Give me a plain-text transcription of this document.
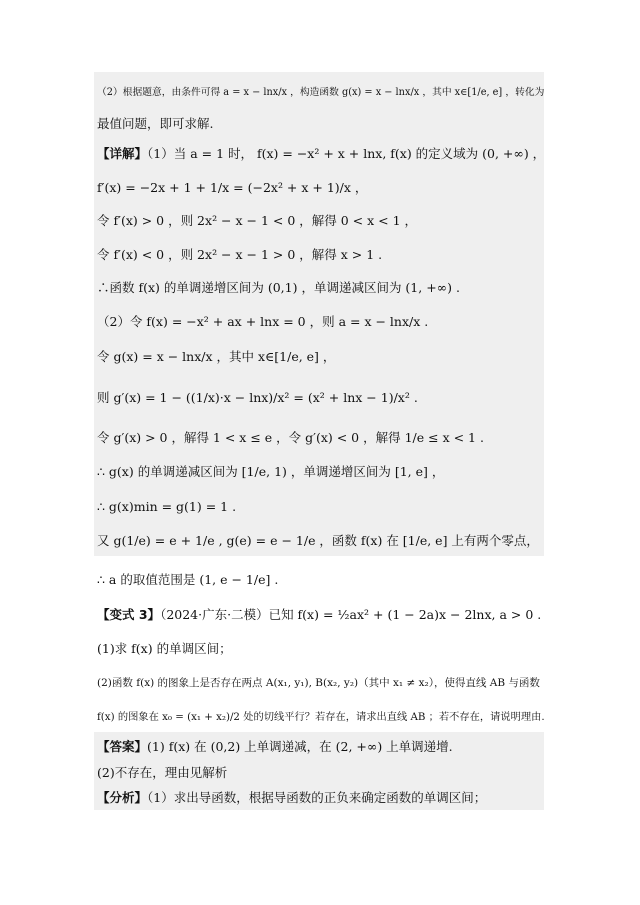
（2）根据题意，由条件可得 a = x − lnx/x ，构造函数 g(x) = x − lnx/x ，其中 x∈[1/e, e] ，转化为
最值问题，即可求解.
【详解】（1）当 a = 1 时， f(x) = −x² + x + lnx, f(x) 的定义域为 (0, +∞) ，
f′(x) = −2x + 1 + 1/x = (−2x² + x + 1)/x ，
令 f′(x) > 0 ，则 2x² − x − 1 < 0 ，解得 0 < x < 1 ，
令 f′(x) < 0 ，则 2x² − x − 1 > 0 ，解得 x > 1 .
∴函数 f(x) 的单调递增区间为 (0,1) ，单调递减区间为 (1, +∞) .
（2）令 f(x) = −x² + ax + lnx = 0 ，则 a = x − lnx/x .
令 g(x) = x − lnx/x ，其中 x∈[1/e, e] ，
则 g′(x) = 1 − ((1/x)·x − lnx)/x² = (x² + lnx − 1)/x² .
令 g′(x) > 0 ，解得 1 < x ≤ e ，令 g′(x) < 0 ，解得 1/e ≤ x < 1 .
∴ g(x) 的单调递减区间为 [1/e, 1) ，单调递增区间为 [1, e] ，
∴ g(x)min = g(1) = 1 .
又 g(1/e) = e + 1/e , g(e) = e − 1/e ，函数 f(x) 在 [1/e, e] 上有两个零点，
∴ a 的取值范围是 (1, e − 1/e] .
【变式 3】（2024·广东·二模）已知 f(x) = ½ax² + (1 − 2a)x − 2lnx, a > 0 .
(1)求 f(x) 的单调区间；
(2)函数 f(x) 的图象上是否存在两点 A(x₁, y₁), B(x₂, y₂)（其中 x₁ ≠ x₂），使得直线 AB 与函数
f(x) 的图象在 x₀ = (x₁ + x₂)/2 处的切线平行？若存在，请求出直线 AB ；若不存在，请说明理由.
【答案】(1) f(x) 在 (0,2) 上单调递减，在 (2, +∞) 上单调递增.
(2)不存在，理由见解析
【分析】（1）求出导函数，根据导函数的正负来确定函数的单调区间；
